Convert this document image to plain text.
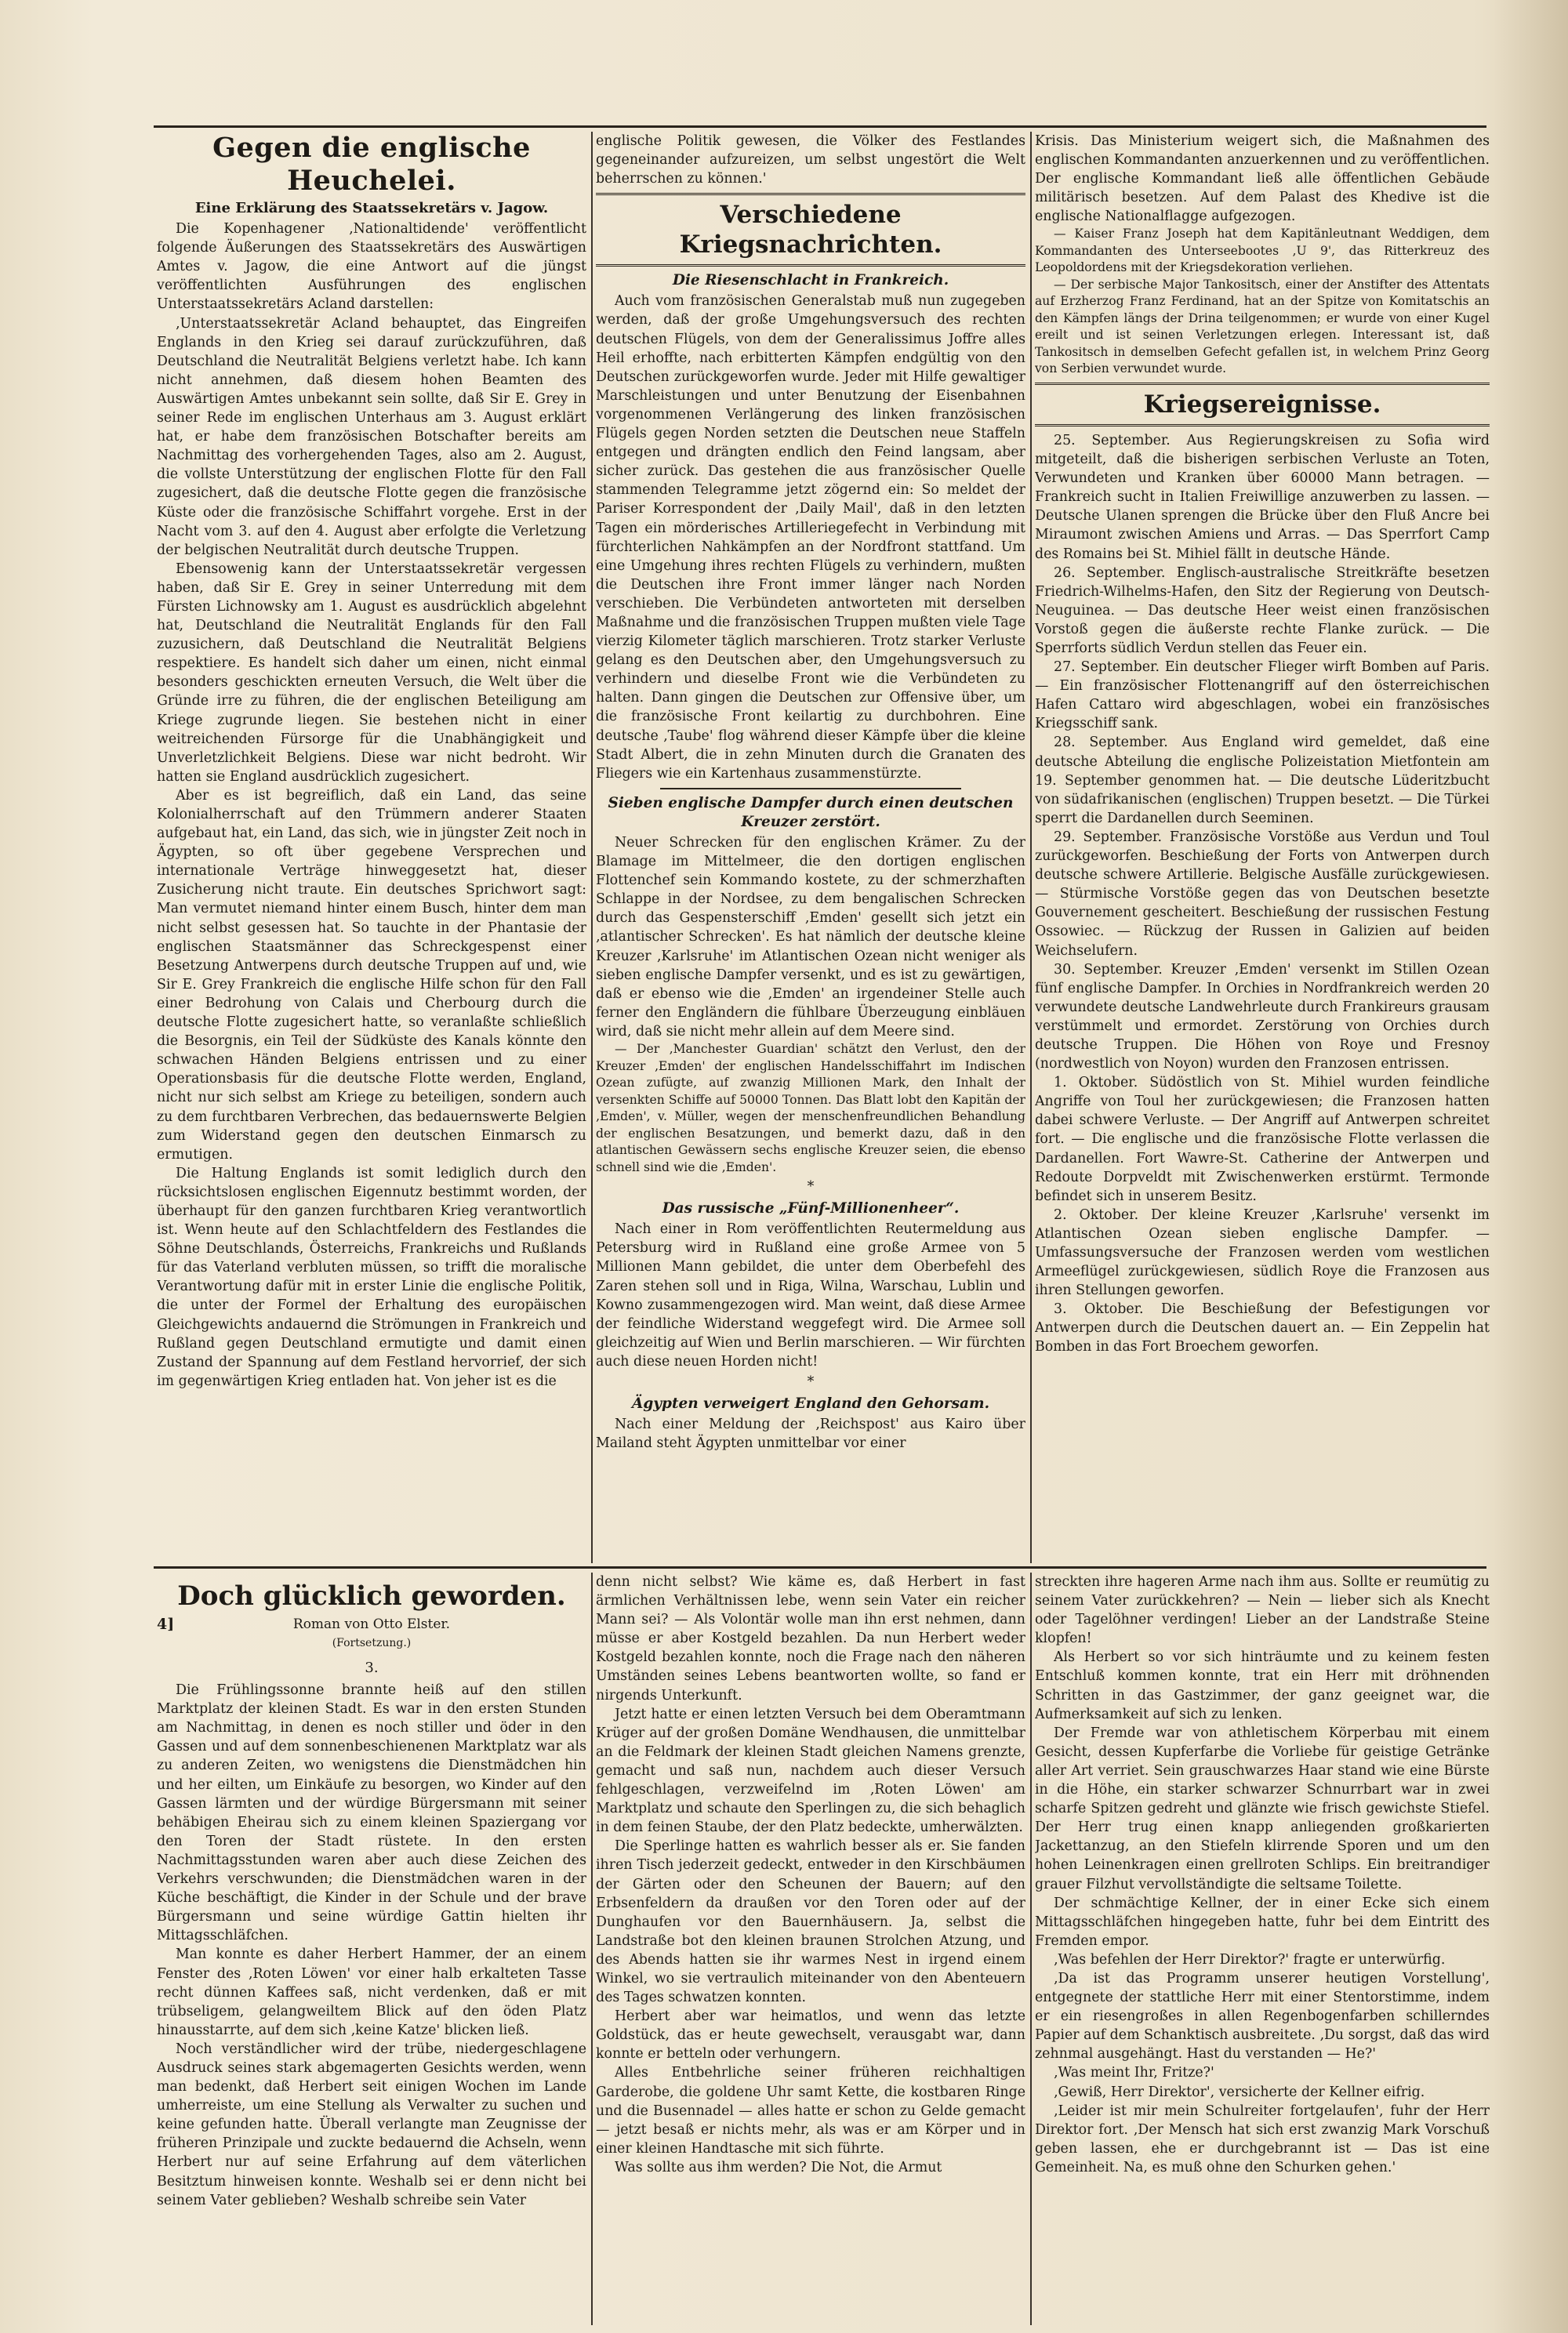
Gegen die englische Heuchelei.
Eine Erklärung des Staatssekretärs v. Jagow.

Die Kopenhagener ‚Nationaltidende' veröffentlicht folgende Äußerungen des Staatssekretärs des Auswärtigen Amtes v. Jagow, die eine Antwort auf die jüngst veröffentlichten Ausführungen des englischen Unterstaatssekretärs Acland darstellen:

‚Unterstaatssekretär Acland behauptet, das Eingreifen Englands in den Krieg sei darauf zurückzuführen, daß Deutschland die Neutralität Belgiens verletzt habe. Ich kann nicht annehmen, daß diesem hohen Beamten des Auswärtigen Amtes unbekannt sein sollte, daß Sir E. Grey in seiner Rede im englischen Unterhaus am 3. August erklärt hat, er habe dem französischen Botschafter bereits am Nachmittag des vorhergehenden Tages, also am 2. August, die vollste Unterstützung der englischen Flotte für den Fall zugesichert, daß die deutsche Flotte gegen die französische Küste oder die französische Schiffahrt vorgehe. Erst in der Nacht vom 3. auf den 4. August aber erfolgte die Verletzung der belgischen Neutralität durch deutsche Truppen.

Ebensowenig kann der Unterstaatssekretär vergessen haben, daß Sir E. Grey in seiner Unterredung mit dem Fürsten Lichnowsky am 1. August es ausdrücklich abgelehnt hat, Deutschland die Neutralität Englands für den Fall zuzusichern, daß Deutschland die Neutralität Belgiens respektiere. Es handelt sich daher um einen, nicht einmal besonders geschickten erneuten Versuch, die Welt über die Gründe irre zu führen, die der englischen Beteiligung am Kriege zugrunde liegen. Sie bestehen nicht in einer weitreichenden Fürsorge für die Unabhängigkeit und Unverletzlichkeit Belgiens. Diese war nicht bedroht. Wir hatten sie England ausdrücklich zugesichert.

Aber es ist begreiflich, daß ein Land, das seine Kolonialherrschaft auf den Trümmern anderer Staaten aufgebaut hat, ein Land, das sich, wie in jüngster Zeit noch in Ägypten, so oft über gegebene Versprechen und internationale Verträge hinweggesetzt hat, dieser Zusicherung nicht traute. Ein deutsches Sprichwort sagt: Man vermutet niemand hinter einem Busch, hinter dem man nicht selbst gesessen hat. So tauchte in der Phantasie der englischen Staatsmänner das Schreckgespenst einer Besetzung Antwerpens durch deutsche Truppen auf und, wie Sir E. Grey Frankreich die englische Hilfe schon für den Fall einer Bedrohung von Calais und Cherbourg durch die deutsche Flotte zugesichert hatte, so veranlaßte schließlich die Besorgnis, ein Teil der Südküste des Kanals könnte den schwachen Händen Belgiens entrissen und zu einer Operationsbasis für die deutsche Flotte werden, England, nicht nur sich selbst am Kriege zu beteiligen, sondern auch zu dem furchtbaren Verbrechen, das bedauernswerte Belgien zum Widerstand gegen den deutschen Einmarsch zu ermutigen.

Die Haltung Englands ist somit lediglich durch den rücksichtslosen englischen Eigennutz bestimmt worden, der überhaupt für den ganzen furchtbaren Krieg verantwortlich ist. Wenn heute auf den Schlachtfeldern des Festlandes die Söhne Deutschlands, Österreichs, Frankreichs und Rußlands für das Vaterland verbluten müssen, so trifft die moralische Verantwortung dafür mit in erster Linie die englische Politik, die unter der Formel der Erhaltung des europäischen Gleichgewichts andauernd die Strömungen in Frankreich und Rußland gegen Deutschland ermutigte und damit einen Zustand der Spannung auf dem Festland hervorrief, der sich im gegenwärtigen Krieg entladen hat. Von jeher ist es die

englische Politik gewesen, die Völker des Festlandes gegeneinander aufzureizen, um selbst ungestört die Welt beherrschen zu können.'

Verschiedene Kriegsnachrichten.
Die Riesenschlacht in Frankreich.

Auch vom französischen Generalstab muß nun zugegeben werden, daß der große Umgehungsversuch des rechten deutschen Flügels, von dem der Generalissimus Joffre alles Heil erhoffte, nach erbitterten Kämpfen endgültig von den Deutschen zurückgeworfen wurde. Jeder mit Hilfe gewaltiger Marschleistungen und unter Benutzung der Eisenbahnen vorgenommenen Verlängerung des linken französischen Flügels gegen Norden setzten die Deutschen neue Staffeln entgegen und drängten endlich den Feind langsam, aber sicher zurück. Das gestehen die aus französischer Quelle stammenden Telegramme jetzt zögernd ein: So meldet der Pariser Korrespondent der ‚Daily Mail', daß in den letzten Tagen ein mörderisches Artilleriegefecht in Verbindung mit fürchterlichen Nahkämpfen an der Nordfront stattfand. Um eine Umgehung ihres rechten Flügels zu verhindern, mußten die Deutschen ihre Front immer länger nach Norden verschieben. Die Verbündeten antworteten mit derselben Maßnahme und die französischen Truppen mußten viele Tage vierzig Kilometer täglich marschieren. Trotz starker Verluste gelang es den Deutschen aber, den Umgehungsversuch zu verhindern und dieselbe Front wie die Verbündeten zu halten. Dann gingen die Deutschen zur Offensive über, um die französische Front keilartig zu durchbohren. Eine deutsche ‚Taube' flog während dieser Kämpfe über die kleine Stadt Albert, die in zehn Minuten durch die Granaten des Fliegers wie ein Kartenhaus zusammenstürzte.

Sieben englische Dampfer durch einen deutschen Kreuzer zerstört.

Neuer Schrecken für den englischen Krämer. Zu der Blamage im Mittelmeer, die den dortigen englischen Flottenchef sein Kommando kostete, zu der schmerzhaften Schlappe in der Nordsee, zu dem bengalischen Schrecken durch das Gespensterschiff ‚Emden' gesellt sich jetzt ein ‚atlantischer Schrecken'. Es hat nämlich der deutsche kleine Kreuzer ‚Karlsruhe' im Atlantischen Ozean nicht weniger als sieben englische Dampfer versenkt, und es ist zu gewärtigen, daß er ebenso wie die ‚Emden' an irgendeiner Stelle auch ferner den Engländern die fühlbare Überzeugung einbläuen wird, daß sie nicht mehr allein auf dem Meere sind.

— Der ‚Manchester Guardian' schätzt den Verlust, den der Kreuzer ‚Emden' der englischen Handelsschiffahrt im Indischen Ozean zufügte, auf zwanzig Millionen Mark, den Inhalt der versenkten Schiffe auf 50000 Tonnen. Das Blatt lobt den Kapitän der ‚Emden', v. Müller, wegen der menschenfreundlichen Behandlung der englischen Besatzungen, und bemerkt dazu, daß in den atlantischen Gewässern sechs englische Kreuzer seien, die ebenso schnell sind wie die ‚Emden'.

*
Das russische „Fünf-Millionenheer“.

Nach einer in Rom veröffentlichten Reutermeldung aus Petersburg wird in Rußland eine große Armee von 5 Millionen Mann gebildet, die unter dem Oberbefehl des Zaren stehen soll und in Riga, Wilna, Warschau, Lublin und Kowno zusammengezogen wird. Man weint, daß diese Armee der feindliche Widerstand weggefegt wird. Die Armee soll gleichzeitig auf Wien und Berlin marschieren. — Wir fürchten auch diese neuen Horden nicht!

*
Ägypten verweigert England den Gehorsam.

Nach einer Meldung der ‚Reichspost' aus Kairo über Mailand steht Ägypten unmittelbar vor einer

Krisis. Das Ministerium weigert sich, die Maßnahmen des englischen Kommandanten anzuerkennen und zu veröffentlichen. Der englische Kommandant ließ alle öffentlichen Gebäude militärisch besetzen. Auf dem Palast des Khedive ist die englische Nationalflagge aufgezogen.

— Kaiser Franz Joseph hat dem Kapitänleutnant Weddigen, dem Kommandanten des Unterseebootes ‚U 9', das Ritterkreuz des Leopoldordens mit der Kriegsdekoration verliehen.

— Der serbische Major Tankositsch, einer der Anstifter des Attentats auf Erzherzog Franz Ferdinand, hat an der Spitze von Komitatschis an den Kämpfen längs der Drina teilgenommen; er wurde von einer Kugel ereilt und ist seinen Verletzungen erlegen. Interessant ist, daß Tankositsch in demselben Gefecht gefallen ist, in welchem Prinz Georg von Serbien verwundet wurde.

Kriegsereignisse.

25. September. Aus Regierungskreisen zu Sofia wird mitgeteilt, daß die bisherigen serbischen Verluste an Toten, Verwundeten und Kranken über 60000 Mann betragen. — Frankreich sucht in Italien Freiwillige anzuwerben zu lassen. — Deutsche Ulanen sprengen die Brücke über den Fluß Ancre bei Miraumont zwischen Amiens und Arras. — Das Sperrfort Camp des Romains bei St. Mihiel fällt in deutsche Hände.

26. September. Englisch-australische Streitkräfte besetzen Friedrich-Wilhelms-Hafen, den Sitz der Regierung von Deutsch-Neuguinea. — Das deutsche Heer weist einen französischen Vorstoß gegen die äußerste rechte Flanke zurück. — Die Sperrforts südlich Verdun stellen das Feuer ein.

27. September. Ein deutscher Flieger wirft Bomben auf Paris. — Ein französischer Flottenangriff auf den österreichischen Hafen Cattaro wird abgeschlagen, wobei ein französisches Kriegsschiff sank.

28. September. Aus England wird gemeldet, daß eine deutsche Abteilung die englische Polizeistation Mietfontein am 19. September genommen hat. — Die deutsche Lüderitzbucht von südafrikanischen (englischen) Truppen besetzt. — Die Türkei sperrt die Dardanellen durch Seeminen.

29. September. Französische Vorstöße aus Verdun und Toul zurückgeworfen. Beschießung der Forts von Antwerpen durch deutsche schwere Artillerie. Belgische Ausfälle zurückgewiesen. — Stürmische Vorstöße gegen das von Deutschen besetzte Gouvernement gescheitert. Beschießung der russischen Festung Ossowiec. — Rückzug der Russen in Galizien auf beiden Weichselufern.

30. September. Kreuzer ‚Emden' versenkt im Stillen Ozean fünf englische Dampfer. In Orchies in Nordfrankreich werden 20 verwundete deutsche Landwehrleute durch Frankireurs grausam verstümmelt und ermordet. Zerstörung von Orchies durch deutsche Truppen. Die Höhen von Roye und Fresnoy (nordwestlich von Noyon) wurden den Franzosen entrissen.

1. Oktober. Südöstlich von St. Mihiel wurden feindliche Angriffe von Toul her zurückgewiesen; die Franzosen hatten dabei schwere Verluste. — Der Angriff auf Antwerpen schreitet fort. — Die englische und die französische Flotte verlassen die Dardanellen. Fort Wawre-St. Catherine der Antwerpen und Redoute Dorpveldt mit Zwischenwerken erstürmt. Termonde befindet sich in unserem Besitz.

2. Oktober. Der kleine Kreuzer ‚Karlsruhe' versenkt im Atlantischen Ozean sieben englische Dampfer. — Umfassungsversuche der Franzosen werden vom westlichen Armeeflügel zurückgewiesen, südlich Roye die Franzosen aus ihren Stellungen geworfen.

3. Oktober. Die Beschießung der Befestigungen vor Antwerpen durch die Deutschen dauert an. — Ein Zeppelin hat Bomben in das Fort Broechem geworfen.

Doch glücklich geworden.
4]	Roman von Otto Elster.
(Fortsetzung.)
3.

Die Frühlingssonne brannte heiß auf den stillen Marktplatz der kleinen Stadt. Es war in den ersten Stunden am Nachmittag, in denen es noch stiller und öder in den Gassen und auf dem sonnenbeschienenen Marktplatz war als zu anderen Zeiten, wo wenigstens die Dienstmädchen hin und her eilten, um Einkäufe zu besorgen, wo Kinder auf den Gassen lärmten und der würdige Bürgersmann mit seiner behäbigen Eheirau sich zu einem kleinen Spaziergang vor den Toren der Stadt rüstete. In den ersten Nachmittagsstunden waren aber auch diese Zeichen des Verkehrs verschwunden; die Dienstmädchen waren in der Küche beschäftigt, die Kinder in der Schule und der brave Bürgersmann und seine würdige Gattin hielten ihr Mittagsschläfchen.

Man konnte es daher Herbert Hammer, der an einem Fenster des ‚Roten Löwen' vor einer halb erkalteten Tasse recht dünnen Kaffees saß, nicht verdenken, daß er mit trübseligem, gelangweiltem Blick auf den öden Platz hinausstarrte, auf dem sich ‚keine Katze' blicken ließ.

Noch verständlicher wird der trübe, niedergeschlagene Ausdruck seines stark abgemagerten Gesichts werden, wenn man bedenkt, daß Herbert seit einigen Wochen im Lande umherreiste, um eine Stellung als Verwalter zu suchen und keine gefunden hatte. Überall verlangte man Zeugnisse der früheren Prinzipale und zuckte bedauernd die Achseln, wenn Herbert nur auf seine Erfahrung auf dem väterlichen Besitztum hinweisen konnte. Weshalb sei er denn nicht bei seinem Vater geblieben? Weshalb schreibe sein Vater

denn nicht selbst? Wie käme es, daß Herbert in fast ärmlichen Verhältnissen lebe, wenn sein Vater ein reicher Mann sei? — Als Volontär wolle man ihn erst nehmen, dann müsse er aber Kostgeld bezahlen. Da nun Herbert weder Kostgeld bezahlen konnte, noch die Frage nach den näheren Umständen seines Lebens beantworten wollte, so fand er nirgends Unterkunft.

Jetzt hatte er einen letzten Versuch bei dem Oberamtmann Krüger auf der großen Domäne Wendhausen, die unmittelbar an die Feldmark der kleinen Stadt gleichen Namens grenzte, gemacht und saß nun, nachdem auch dieser Versuch fehlgeschlagen, verzweifelnd im ‚Roten Löwen' am Marktplatz und schaute den Sperlingen zu, die sich behaglich in dem feinen Staube, der den Platz bedeckte, umherwälzten.

Die Sperlinge hatten es wahrlich besser als er. Sie fanden ihren Tisch jederzeit gedeckt, entweder in den Kirschbäumen der Gärten oder den Scheunen der Bauern; auf den Erbsenfeldern da draußen vor den Toren oder auf der Dunghaufen vor den Bauernhäusern. Ja, selbst die Landstraße bot den kleinen braunen Strolchen Atzung, und des Abends hatten sie ihr warmes Nest in irgend einem Winkel, wo sie vertraulich miteinander von den Abenteuern des Tages schwatzen konnten.

Herbert aber war heimatlos, und wenn das letzte Goldstück, das er heute gewechselt, verausgabt war, dann konnte er betteln oder verhungern.

Alles Entbehrliche seiner früheren reichhaltigen Garderobe, die goldene Uhr samt Kette, die kostbaren Ringe und die Busennadel — alles hatte er schon zu Gelde gemacht — jetzt besaß er nichts mehr, als was er am Körper und in einer kleinen Handtasche mit sich führte.

Was sollte aus ihm werden? Die Not, die Armut

streckten ihre hageren Arme nach ihm aus. Sollte er reumütig zu seinem Vater zurückkehren? — Nein — lieber sich als Knecht oder Tagelöhner verdingen! Lieber an der Landstraße Steine klopfen!

Als Herbert so vor sich hinträumte und zu keinem festen Entschluß kommen konnte, trat ein Herr mit dröhnenden Schritten in das Gastzimmer, der ganz geeignet war, die Aufmerksamkeit auf sich zu lenken.

Der Fremde war von athletischem Körperbau mit einem Gesicht, dessen Kupferfarbe die Vorliebe für geistige Getränke aller Art verriet. Sein grauschwarzes Haar stand wie eine Bürste in die Höhe, ein starker schwarzer Schnurrbart war in zwei scharfe Spitzen gedreht und glänzte wie frisch gewichste Stiefel. Der Herr trug einen knapp anliegenden großkarierten Jackettanzug, an den Stiefeln klirrende Sporen und um den hohen Leinenkragen einen grellroten Schlips. Ein breitrandiger grauer Filzhut vervollständigte die seltsame Toilette.

Der schmächtige Kellner, der in einer Ecke sich einem Mittagsschläfchen hingegeben hatte, fuhr bei dem Eintritt des Fremden empor.

‚Was befehlen der Herr Direktor?' fragte er unterwürfig.

‚Da ist das Programm unserer heutigen Vorstellung', entgegnete der stattliche Herr mit einer Stentorstimme, indem er ein riesengroßes in allen Regenbogenfarben schillerndes Papier auf dem Schanktisch ausbreitete. ‚Du sorgst, daß das wird zehnmal ausgehängt. Hast du verstanden — He?'

‚Was meint Ihr, Fritze?'

‚Gewiß, Herr Direktor', versicherte der Kellner eifrig.

‚Leider ist mir mein Schulreiter fortgelaufen', fuhr der Herr Direktor fort. ‚Der Mensch hat sich erst zwanzig Mark Vorschuß geben lassen, ehe er durchgebrannt ist — Das ist eine Gemeinheit. Na, es muß ohne den Schurken gehen.'
